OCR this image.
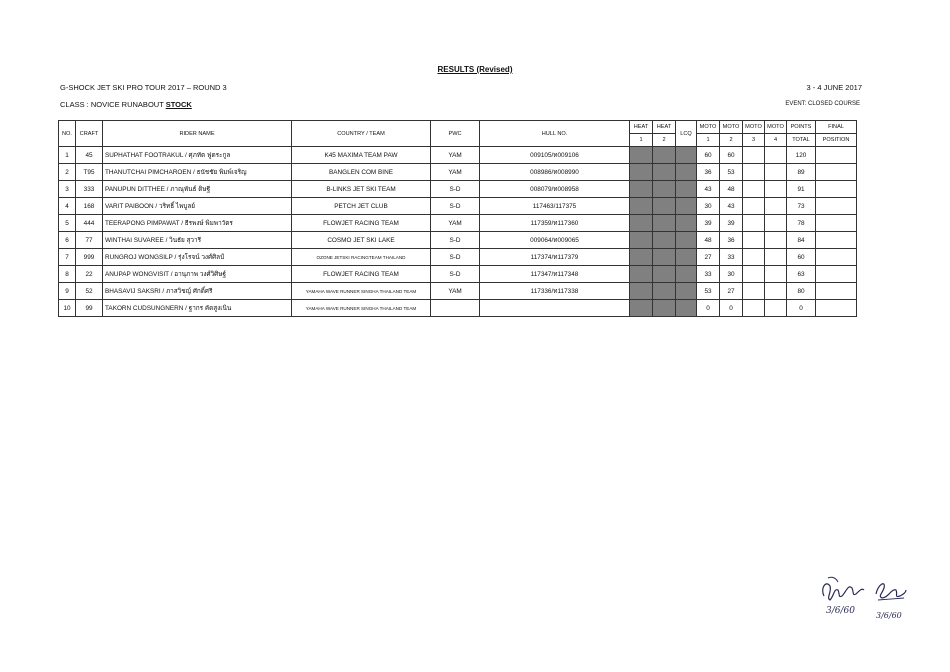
RESULTS (Revised)
G-SHOCK JET SKI PRO TOUR 2017 – ROUND 3	3 - 4 JUNE 2017
CLASS : NOVICE RUNABOUT STOCK	EVENT: CLOSED COURSE
NO.	CRAFT	RIDER NAME	COUNTRY / TEAM	PWC	HULL NO.	HEAT	HEAT	LCQ	MOTO	MOTO	MOTO	MOTO	POINTS	FINAL
						1	2		1	2	3	4	TOTAL	POSITION
1	45	SUPHATHAT FOOTRAKUL / ศุภทัต ฟูตระกูล	K45 MAXIMA TEAM PAW	YAM	009105/ท009106				60	60			120	
2	T95	THANUTCHAI PIMCHAROEN / ธนัชชัย พิมพ์เจริญ	BANGLEN COM BINE	YAM	008986/ท008990				36	53			89	
3	333	PANUPUN DITTHEE / ภาณุพันธ์ ดิษฐี	B-LINKS JET SKI TEAM	S-D	008079/ท008958				43	48			91	
4	168	VARIT PAIBOON / วริทธิ์ ไพบูลย์	PETCH JET CLUB	S-D	117463/117375				30	43			73	
5	444	TEERAPONG PIMPAWAT / ธีรพงษ์ พิมพาวัตร	FLOWJET RACING TEAM	YAM	117359/ท117360				39	39			78	
6	77	WINTHAI SUVAREE / วินธัย สุวารี	COSMO JET SKI LAKE	S-D	009064/ท009065				48	36			84	
7	999	RUNGROJ WONGSILP / รุ่งโรจน์ วงศ์ศิลป์	OZONE JETSKI RACINGTEAM THAILAND	S-D	117374/ท117379				27	33			60	
8	22	ANUPAP WONGVISIT / อานุภาพ วงศ์วิศิษฐ์	FLOWJET RACING TEAM	S-D	117347/ท117348				33	30			63	
9	52	BHASAVIJ SAKSRI / ภาสวิชญ์ ศักดิ์ศรี	YAMAHA WAVE RUNNER SINGHA THAILAND TEAM	YAM	117336/ท117338				53	27			80	
10	99	TAKORN CUDSUNGNERN / ฐากร คัดสูงเนิน	YAMAHA WAVE RUNNER SINGHA THAILAND TEAM						0	0			0	
3/6/60	3/6/60
